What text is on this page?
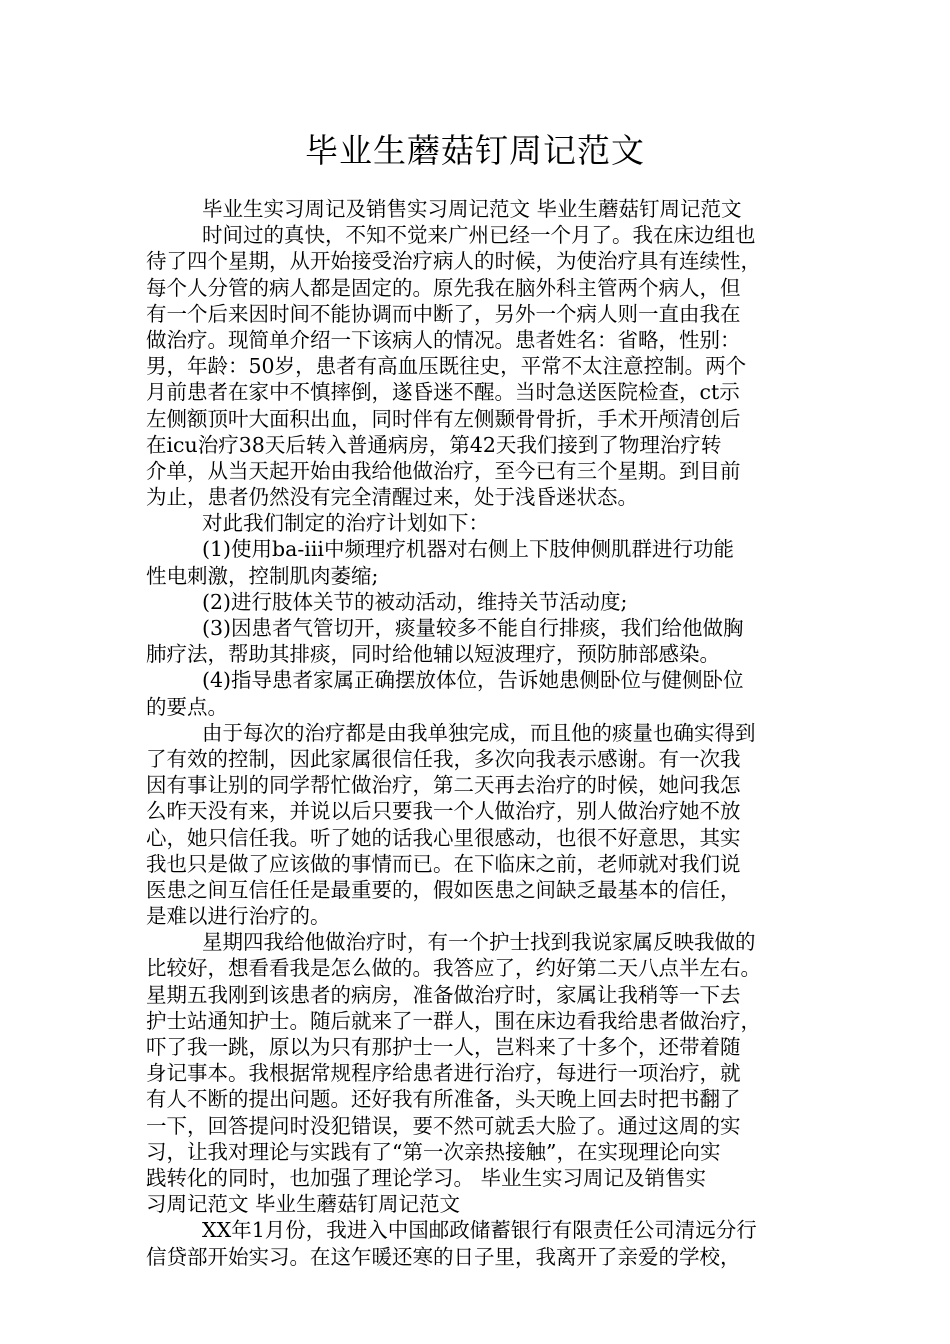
毕业生蘑菇钉周记范文
毕业生实习周记及销售实习周记范文 毕业生蘑菇钉周记范文
时间过的真快，不知不觉来广州已经一个月了。我在床边组也
待了四个星期，从开始接受治疗病人的时候，为使治疗具有连续性，
每个人分管的病人都是固定的。原先我在脑外科主管两个病人，但
有一个后来因时间不能协调而中断了，另外一个病人则一直由我在
做治疗。现简单介绍一下该病人的情况。患者姓名：省略，性别：
男，年龄：50岁，患者有高血压既往史，平常不太注意控制。两个
月前患者在家中不慎摔倒，遂昏迷不醒。当时急送医院检查，ct示
左侧额顶叶大面积出血，同时伴有左侧颞骨骨折，手术开颅清创后
在icu治疗38天后转入普通病房，第42天我们接到了物理治疗转
介单，从当天起开始由我给他做治疗，至今已有三个星期。到目前
为止，患者仍然没有完全清醒过来，处于浅昏迷状态。
对此我们制定的治疗计划如下：
(1)使用ba-iii中频理疗机器对右侧上下肢伸侧肌群进行功能
性电刺激，控制肌肉萎缩;
(2)进行肢体关节的被动活动，维持关节活动度;
(3)因患者气管切开，痰量较多不能自行排痰，我们给他做胸
肺疗法，帮助其排痰，同时给他辅以短波理疗，预防肺部感染。
(4)指导患者家属正确摆放体位，告诉她患侧卧位与健侧卧位
的要点。
由于每次的治疗都是由我单独完成，而且他的痰量也确实得到
了有效的控制，因此家属很信任我，多次向我表示感谢。有一次我
因有事让别的同学帮忙做治疗，第二天再去治疗的时候，她问我怎
么昨天没有来，并说以后只要我一个人做治疗，别人做治疗她不放
心，她只信任我。听了她的话我心里很感动，也很不好意思，其实
我也只是做了应该做的事情而已。在下临床之前，老师就对我们说
医患之间互信任任是最重要的，假如医患之间缺乏最基本的信任，
是难以进行治疗的。
星期四我给他做治疗时，有一个护士找到我说家属反映我做的
比较好，想看看我是怎么做的。我答应了，约好第二天八点半左右。
星期五我刚到该患者的病房，准备做治疗时，家属让我稍等一下去
护士站通知护士。随后就来了一群人，围在床边看我给患者做治疗，
吓了我一跳，原以为只有那护士一人，岂料来了十多个，还带着随
身记事本。我根据常规程序给患者进行治疗，每进行一项治疗，就
有人不断的提出问题。还好我有所准备，头天晚上回去时把书翻了
一下，回答提问时没犯错误，要不然可就丢大脸了。通过这周的实
习，让我对理论与实践有了“第一次亲热接触”，在实现理论向实
践转化的同时，也加强了理论学习。 毕业生实习周记及销售实
习周记范文 毕业生蘑菇钉周记范文
XX年1月份，我进入中国邮政储蓄银行有限责任公司清远分行
信贷部开始实习。在这乍暖还寒的日子里，我离开了亲爱的学校，
